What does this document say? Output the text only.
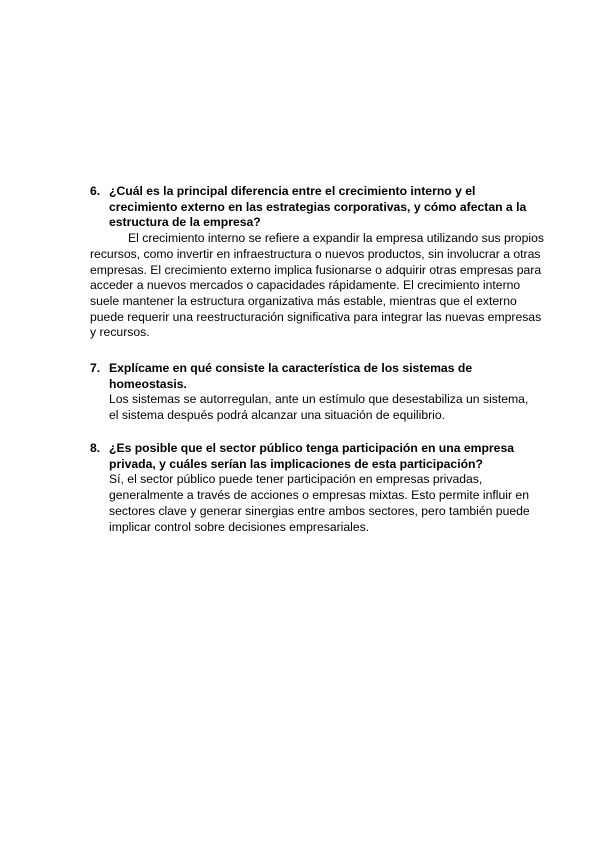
6. ¿Cuál es la principal diferencia entre el crecimiento interno y el
crecimiento externo en las estrategias corporativas, y cómo afectan a la
estructura de la empresa?
El crecimiento interno se refiere a expandir la empresa utilizando sus propios
recursos, como invertir en infraestructura o nuevos productos, sin involucrar a otras
empresas. El crecimiento externo implica fusionarse o adquirir otras empresas para
acceder a nuevos mercados o capacidades rápidamente. El crecimiento interno
suele mantener la estructura organizativa más estable, mientras que el externo
puede requerir una reestructuración significativa para integrar las nuevas empresas
y recursos.
7. Explícame en qué consiste la característica de los sistemas de
homeostasis.
Los sistemas se autorregulan, ante un estímulo que desestabiliza un sistema,
el sistema después podrá alcanzar una situación de equilibrio.
8. ¿Es posible que el sector público tenga participación en una empresa
privada, y cuáles serían las implicaciones de esta participación?
Sí, el sector público puede tener participación en empresas privadas,
generalmente a través de acciones o empresas mixtas. Esto permite influir en
sectores clave y generar sinergias entre ambos sectores, pero también puede
implicar control sobre decisiones empresariales.
